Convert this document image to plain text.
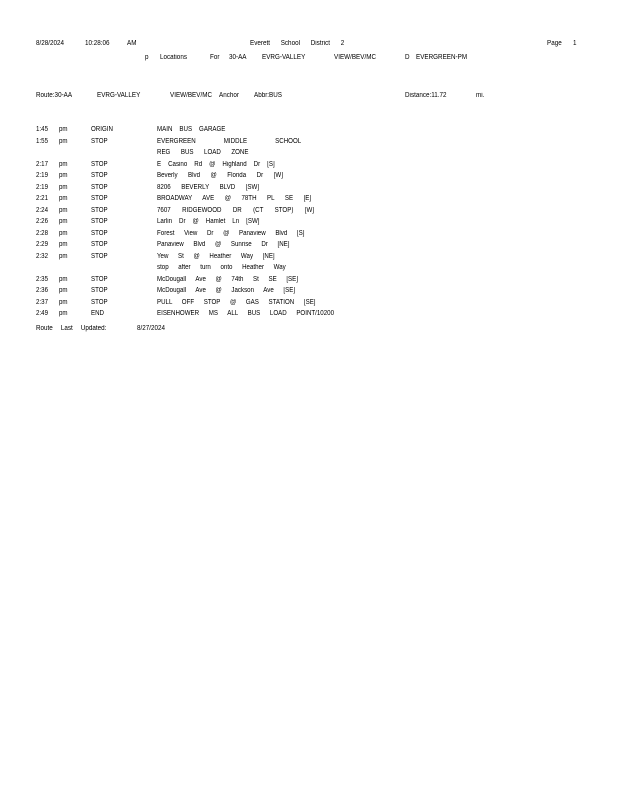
8/28/2024	10:28:06 AM	Everett School District 2	Page 1
p Locations	For 30-AA EVRG-VALLEY	VIEW/BEV/MC	D EVERGREEN-PM
Route:30-AA	EVRG-VALLEY	VIEW/BEV/MC Anchor Abbr:BUS	Distance:11.72	mi.
1:45 pm	ORIGIN	MAIN BUS GARAGE
1:55 pm	STOP	EVERGREEN MIDDLE SCHOOL
REG BUS LOAD ZONE
2:17 pm	STOP	E Casino Rd @ Highland Dr [S]
2:19 pm	STOP	Beverly Blvd @ Florida Dr [W]
2:19 pm	STOP	8206 BEVERLY BLVD [SW]
2:21 pm	STOP	BROADWAY AVE @ 78TH PL SE [E]
2:24 pm	STOP	7607 RIDGEWOOD DR (CT STOP) [W]
2:26 pm	STOP	Larlin Dr @ Hamlet Ln [SW]
2:28 pm	STOP	Forest View Dr @ Panaview Blvd [S]
2:29 pm	STOP	Panaview Blvd @ Sunrise Dr [NE]
2:32 pm	STOP	Yew St @ Heather Way [NE]
stop after turn onto Heather Way
2:35 pm	STOP	McDougall Ave @ 74th St SE [SE]
2:36 pm	STOP	McDougall Ave @ Jackson Ave [SE]
2:37 pm	STOP	PULL OFF STOP @ GAS STATION [SE]
2:49 pm	END	EISENHOWER MS ALL BUS LOAD POINT/10200
Route Last Updated:	8/27/2024
